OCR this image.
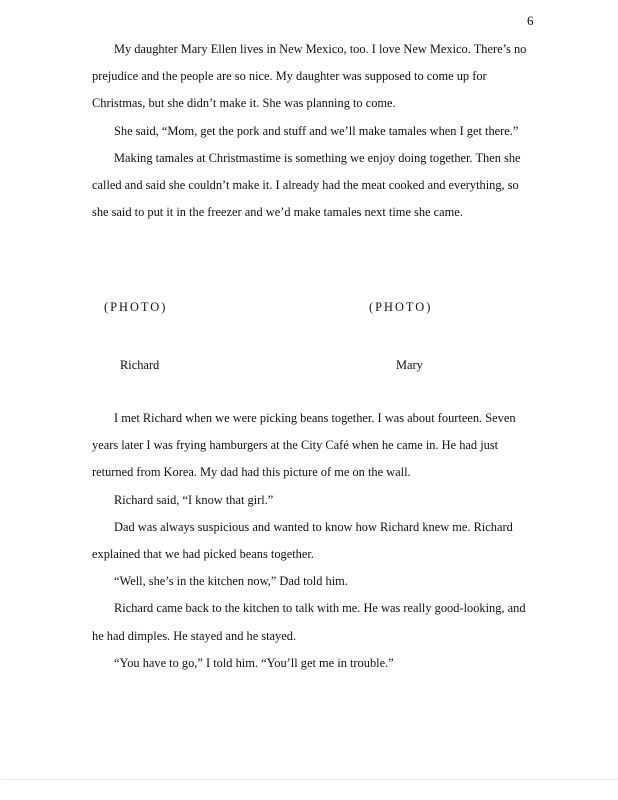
6

My daughter Mary Ellen lives in New Mexico, too. I love New Mexico. There’s no prejudice and the people are so nice. My daughter was supposed to come up for Christmas, but she didn’t make it. She was planning to come.

She said, “Mom, get the pork and stuff and we’ll make tamales when I get there.”

Making tamales at Christmastime is something we enjoy doing together. Then she called and said she couldn’t make it. I already had the meat cooked and everything, so she said to put it in the freezer and we’d make tamales next time she came.

(PHOTO)	(PHOTO)
Richard	Mary

I met Richard when we were picking beans together. I was about fourteen. Seven years later I was frying hamburgers at the City Café when he came in. He had just returned from Korea. My dad had this picture of me on the wall.

Richard said, “I know that girl.”

Dad was always suspicious and wanted to know how Richard knew me. Richard explained that we had picked beans together.

“Well, she’s in the kitchen now,” Dad told him.

Richard came back to the kitchen to talk with me. He was really good-looking, and he had dimples. He stayed and he stayed.

“You have to go,” I told him. “You’ll get me in trouble.”
